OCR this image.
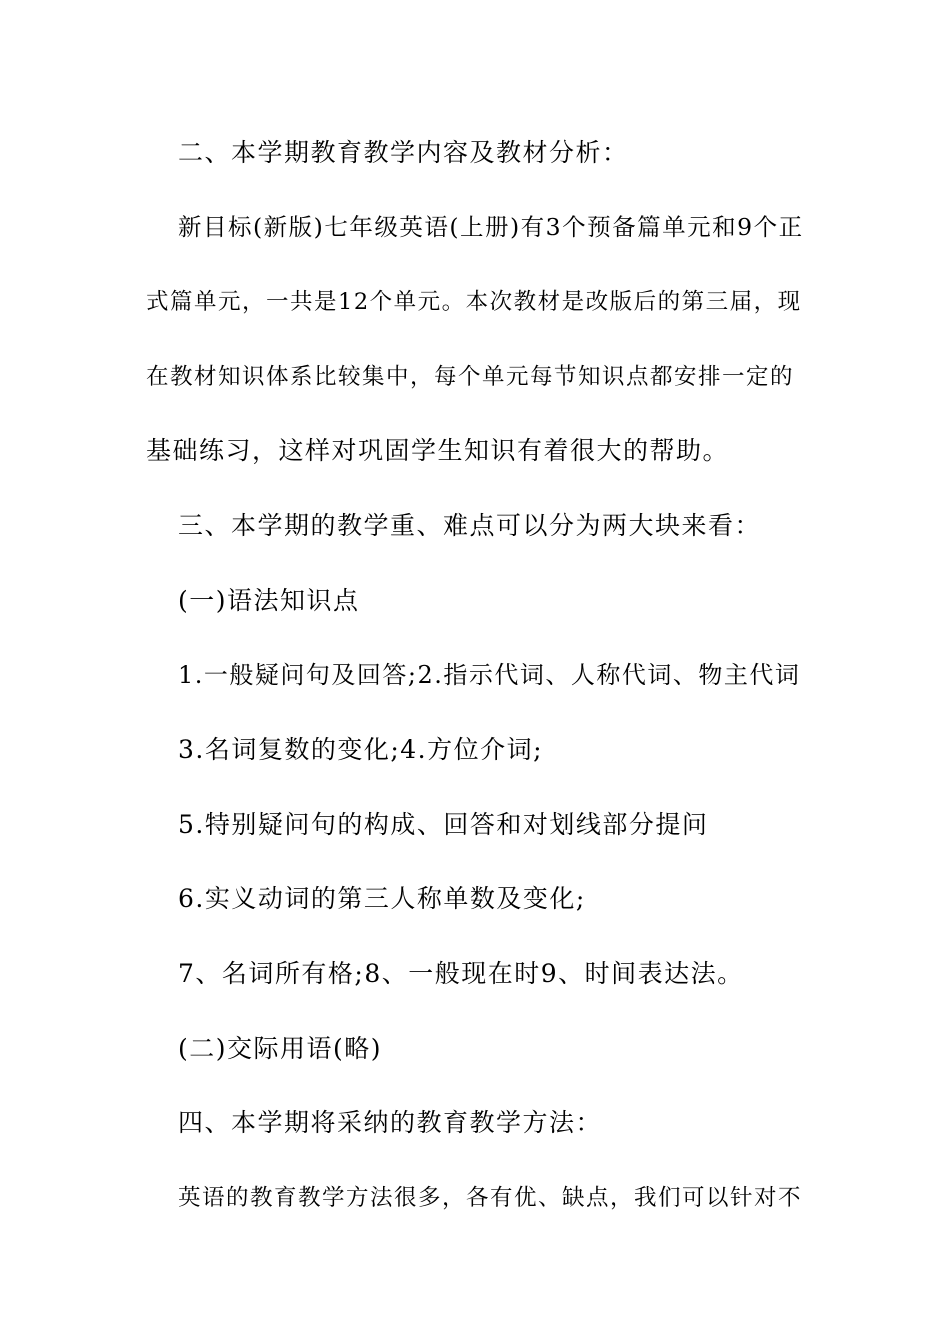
二、本学期教育教学内容及教材分析：
新目标(新版)七年级英语(上册)有3个预备篇单元和9个正
式篇单元，一共是12个单元。本次教材是改版后的第三届，现
在教材知识体系比较集中，每个单元每节知识点都安排一定的
基础练习，这样对巩固学生知识有着很大的帮助。
三、本学期的教学重、难点可以分为两大块来看：
(一)语法知识点
1.一般疑问句及回答;2.指示代词、人称代词、物主代词
3.名词复数的变化;4.方位介词;
5.特别疑问句的构成、回答和对划线部分提问
6.实义动词的第三人称单数及变化;
7、名词所有格;8、一般现在时9、时间表达法。
(二)交际用语(略)
四、本学期将采纳的教育教学方法：
英语的教育教学方法很多，各有优、缺点，我们可以针对不
